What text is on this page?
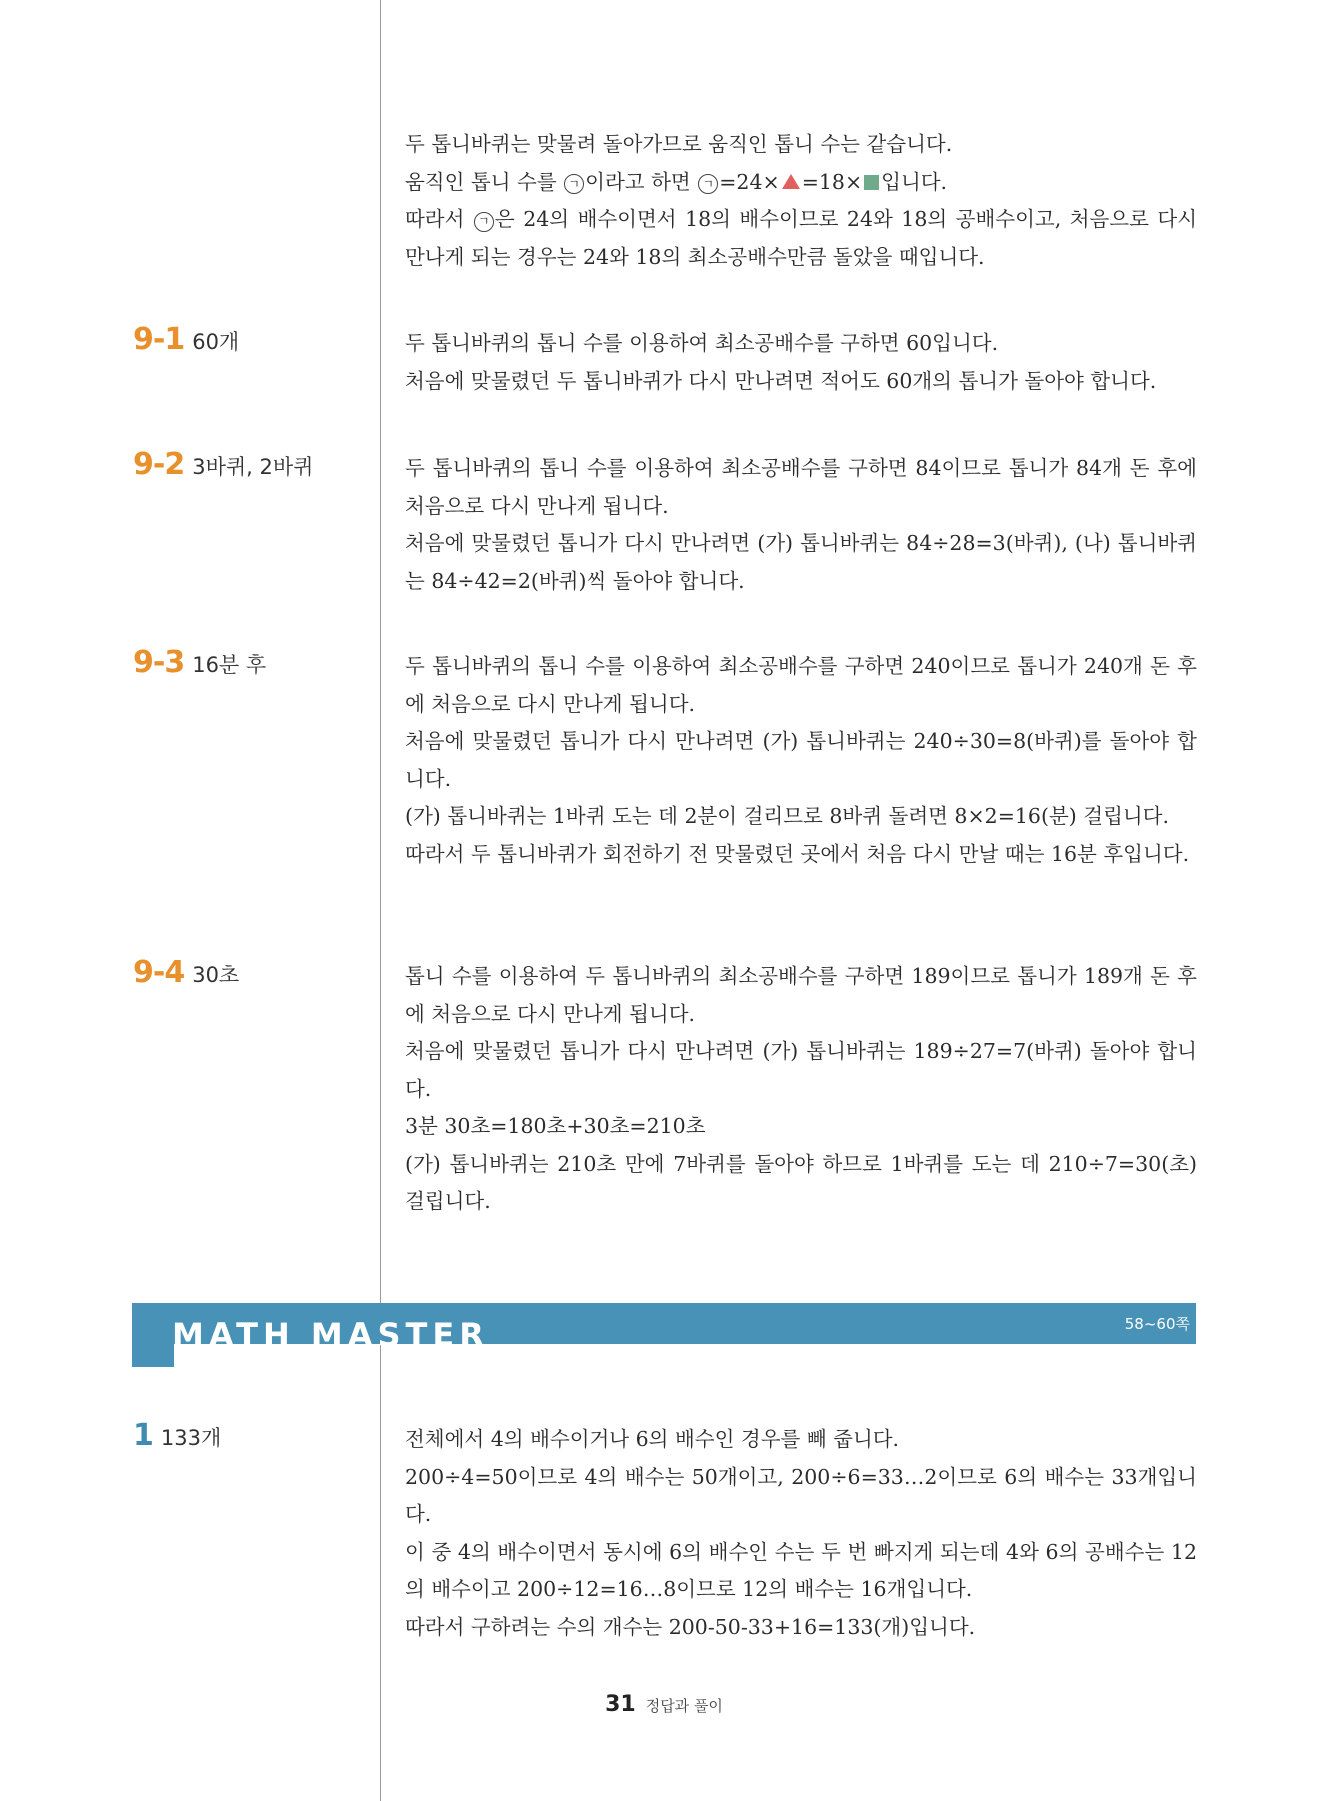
두 톱니바퀴는 맞물려 돌아가므로 움직인 톱니 수는 같습니다.

움직인 톱니 수를 ㄱ 이라고 하면 ㄱ =24× =18× 입니다.

따라서 ㄱ 은 24의 배수이면서 18의 배수이므로 24와 18의 공배수이고, 처음으로 다시 만나게 되는 경우는 24와 18의 최소공배수만큼 돌았을 때입니다.

9-1 60개	두 톱니바퀴의 톱니 수를 이용하여 최소공배수를 구하면 60입니다.

처음에 맞물렸던 두 톱니바퀴가 다시 만나려면 적어도 60개의 톱니가 돌아야 합니다.

9-2 3바퀴, 2바퀴	두 톱니바퀴의 톱니 수를 이용하여 최소공배수를 구하면 84이므로 톱니가 84개 돈 후에 처음으로 다시 만나게 됩니다.

처음에 맞물렸던 톱니가 다시 만나려면 (가) 톱니바퀴는 84÷28=3(바퀴), (나) 톱니바퀴는 84÷42=2(바퀴)씩 돌아야 합니다.

9-3 16분 후	두 톱니바퀴의 톱니 수를 이용하여 최소공배수를 구하면 240이므로 톱니가 240개 돈 후에 처음으로 다시 만나게 됩니다.

처음에 맞물렸던 톱니가 다시 만나려면 (가) 톱니바퀴는 240÷30=8(바퀴)를 돌아야 합니다.

(가) 톱니바퀴는 1바퀴 도는 데 2분이 걸리므로 8바퀴 돌려면 8×2=16(분) 걸립니다.

따라서 두 톱니바퀴가 회전하기 전 맞물렸던 곳에서 처음 다시 만날 때는 16분 후입니다.

9-4 30초	톱니 수를 이용하여 두 톱니바퀴의 최소공배수를 구하면 189이므로 톱니가 189개 돈 후에 처음으로 다시 만나게 됩니다.

처음에 맞물렸던 톱니가 다시 만나려면 (가) 톱니바퀴는 189÷27=7(바퀴) 돌아야 합니다.

3분 30초=180초+30초=210초

(가) 톱니바퀴는 210초 만에 7바퀴를 돌아야 하므로 1바퀴를 도는 데 210÷7=30(초) 걸립니다.

MATH MASTER	58~60쪽
1 133개	전체에서 4의 배수이거나 6의 배수인 경우를 빼 줍니다.

200÷4=50이므로 4의 배수는 50개이고, 200÷6=33…2이므로 6의 배수는 33개입니다.

이 중 4의 배수이면서 동시에 6의 배수인 수는 두 번 빠지게 되는데 4와 6의 공배수는 12의 배수이고 200÷12=16…8이므로 12의 배수는 16개입니다.

따라서 구하려는 수의 개수는 200-50-33+16=133(개)입니다.

31 정답과 풀이
